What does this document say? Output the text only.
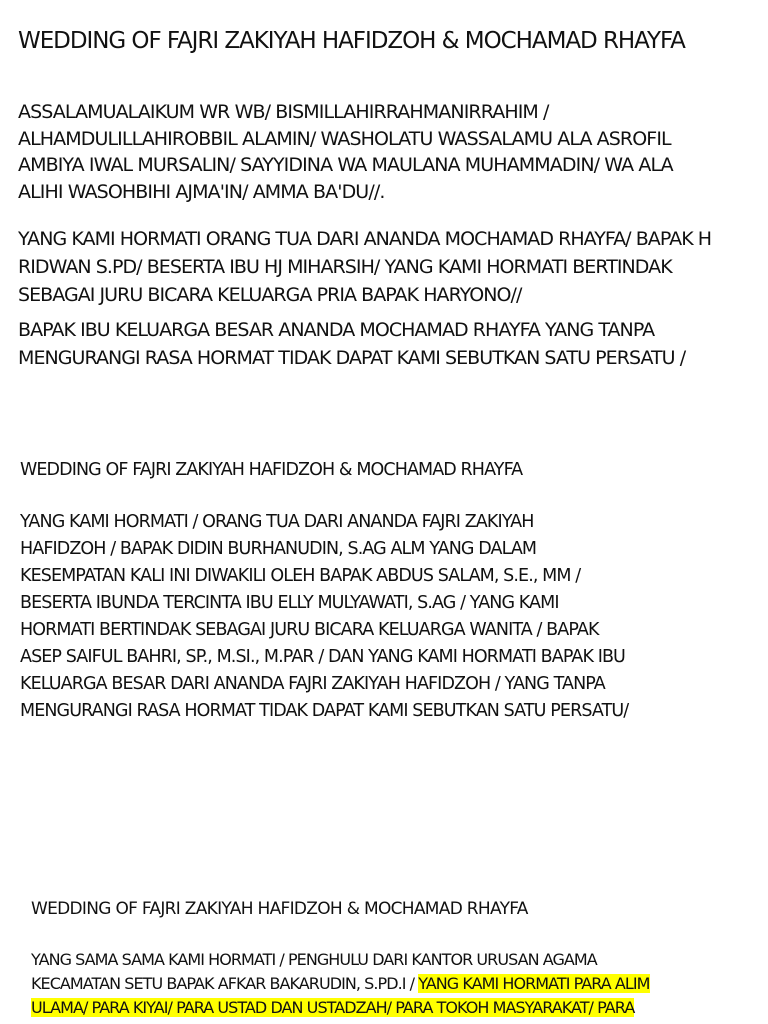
WEDDING OF FAJRI ZAKIYAH HAFIDZOH & MOCHAMAD RHAYFA

ASSALAMUALAIKUM WR WB/ BISMILLAHIRRAHMANIRRAHIM /
ALHAMDULILLAHIROBBIL ALAMIN/ WASHOLATU WASSALAMU ALA ASROFIL
AMBIYA IWAL MURSALIN/ SAYYIDINA WA MAULANA MUHAMMADIN/ WA ALA
ALIHI WASOHBIHI AJMA'IN/ AMMA BA'DU//.

YANG KAMI HORMATI ORANG TUA DARI ANANDA MOCHAMAD RHAYFA/ BAPAK H
RIDWAN S.PD/ BESERTA IBU HJ MIHARSIH/ YANG KAMI HORMATI BERTINDAK
SEBAGAI JURU BICARA KELUARGA PRIA BAPAK HARYONO//

BAPAK IBU KELUARGA BESAR ANANDA MOCHAMAD RHAYFA YANG TANPA
MENGURANGI RASA HORMAT TIDAK DAPAT KAMI SEBUTKAN SATU PERSATU /

WEDDING OF FAJRI ZAKIYAH HAFIDZOH & MOCHAMAD RHAYFA

YANG KAMI HORMATI / ORANG TUA DARI ANANDA FAJRI ZAKIYAH
HAFIDZOH / BAPAK DIDIN BURHANUDIN, S.AG ALM YANG DALAM
KESEMPATAN KALI INI DIWAKILI OLEH BAPAK ABDUS SALAM, S.E., MM /
BESERTA IBUNDA TERCINTA IBU ELLY MULYAWATI, S.AG / YANG KAMI
HORMATI BERTINDAK SEBAGAI JURU BICARA KELUARGA WANITA / BAPAK
ASEP SAIFUL BAHRI, SP., M.SI., M.PAR / DAN YANG KAMI HORMATI BAPAK IBU
KELUARGA BESAR DARI ANANDA FAJRI ZAKIYAH HAFIDZOH / YANG TANPA
MENGURANGI RASA HORMAT TIDAK DAPAT KAMI SEBUTKAN SATU PERSATU/

WEDDING OF FAJRI ZAKIYAH HAFIDZOH & MOCHAMAD RHAYFA

YANG SAMA SAMA KAMI HORMATI / PENGHULU DARI KANTOR URUSAN AGAMA
KECAMATAN SETU BAPAK AFKAR BAKARUDIN, S.PD.I / YANG KAMI HORMATI PARA ALIM
ULAMA/ PARA KIYAI/ PARA USTAD DAN USTADZAH/ PARA TOKOH MASYARAKAT/ PARA
